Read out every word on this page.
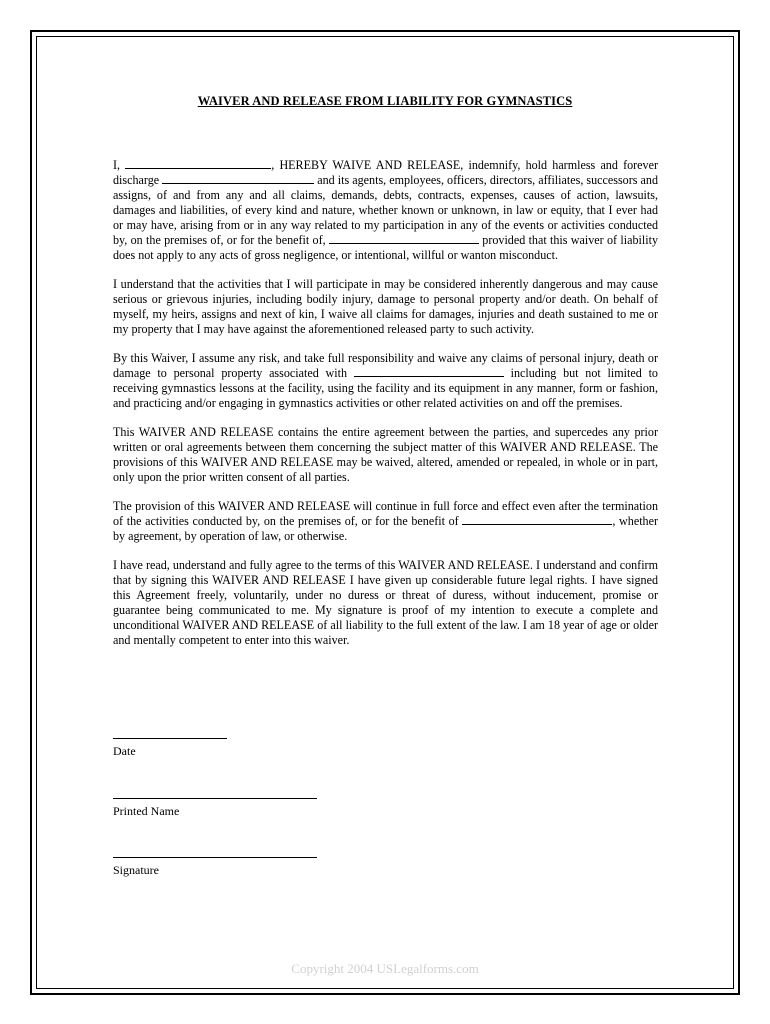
WAIVER AND RELEASE FROM LIABILITY FOR GYMNASTICS

I,	, HEREBY WAIVE AND RELEASE, indemnify, hold harmless and forever discharge	and its agents, employees, officers, directors, affiliates, successors and assigns, of and from any and all claims, demands, debts, contracts, expenses, causes of action, lawsuits, damages and liabilities, of every kind and nature, whether known or unknown, in law or equity, that I ever had or may have, arising from or in any way related to my participation in any of the events or activities conducted by, on the premises of, or for the benefit of,	provided that this waiver of liability does not apply to any acts of gross negligence, or intentional, willful or wanton misconduct.

I understand that the activities that I will participate in may be considered inherently dangerous and may cause serious or grievous injuries, including bodily injury, damage to personal property and/or death. On behalf of myself, my heirs, assigns and next of kin, I waive all claims for damages, injuries and death sustained to me or my property that I may have against the aforementioned released party to such activity.

By this Waiver, I assume any risk, and take full responsibility and waive any claims of personal injury, death or damage to personal property associated with	including but not limited to receiving gymnastics lessons at the facility, using the facility and its equipment in any manner, form or fashion, and practicing and/or engaging in gymnastics activities or other related activities on and off the premises.

This WAIVER AND RELEASE contains the entire agreement between the parties, and supercedes any prior written or oral agreements between them concerning the subject matter of this WAIVER AND RELEASE. The provisions of this WAIVER AND RELEASE may be waived, altered, amended or repealed, in whole or in part, only upon the prior written consent of all parties.

The provision of this WAIVER AND RELEASE will continue in full force and effect even after the termination of the activities conducted by, on the premises of, or for the benefit of	, whether by agreement, by operation of law, or otherwise.

I have read, understand and fully agree to the terms of this WAIVER AND RELEASE. I understand and confirm that by signing this WAIVER AND RELEASE I have given up considerable future legal rights. I have signed this Agreement freely, voluntarily, under no duress or threat of duress, without inducement, promise or guarantee being communicated to me. My signature is proof of my intention to execute a complete and unconditional WAIVER AND RELEASE of all liability to the full extent of the law. I am 18 year of age or older and mentally competent to enter into this waiver.

Date
Printed Name
Signature
Copyright 2004 USLegalforms.com
